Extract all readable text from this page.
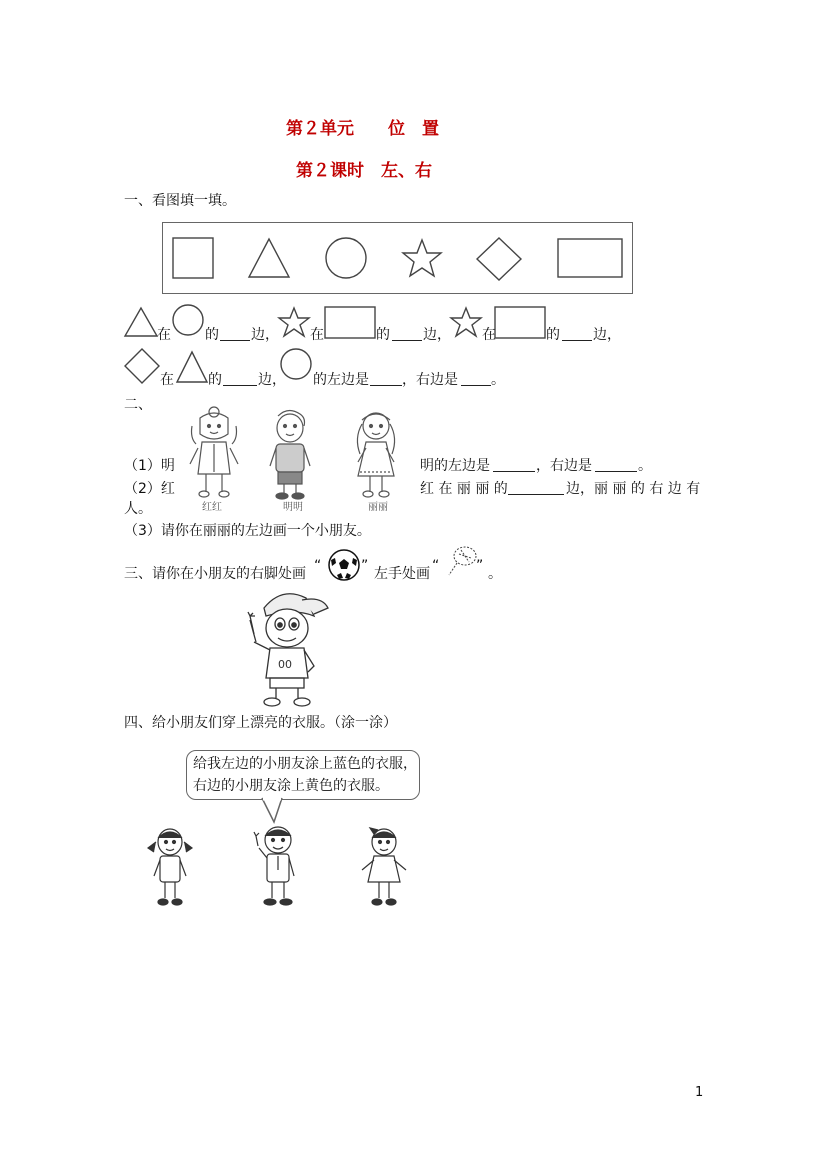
第２单元　　位　置
第２课时　左、右
一、看图填一填。
在 的 边， 在	的 边， 在	的 边，
在 的	边， 的左边是 ，右边是 。
二、
红红	明明	丽丽
（1）明	明的左边是	，右边是	。
（2）红	红 在 丽 丽 的	边，丽 丽 的 右 边 有
人。
（3）请你在丽丽的左边画一个小朋友。
三、请你在小朋友的右脚处画 “	” 左手处画 “	” 。
00
四、给小朋友们穿上漂亮的衣服。（涂一涂）
给我左边的小朋友涂上蓝色的衣服，
右边的小朋友涂上黄色的衣服。
1
